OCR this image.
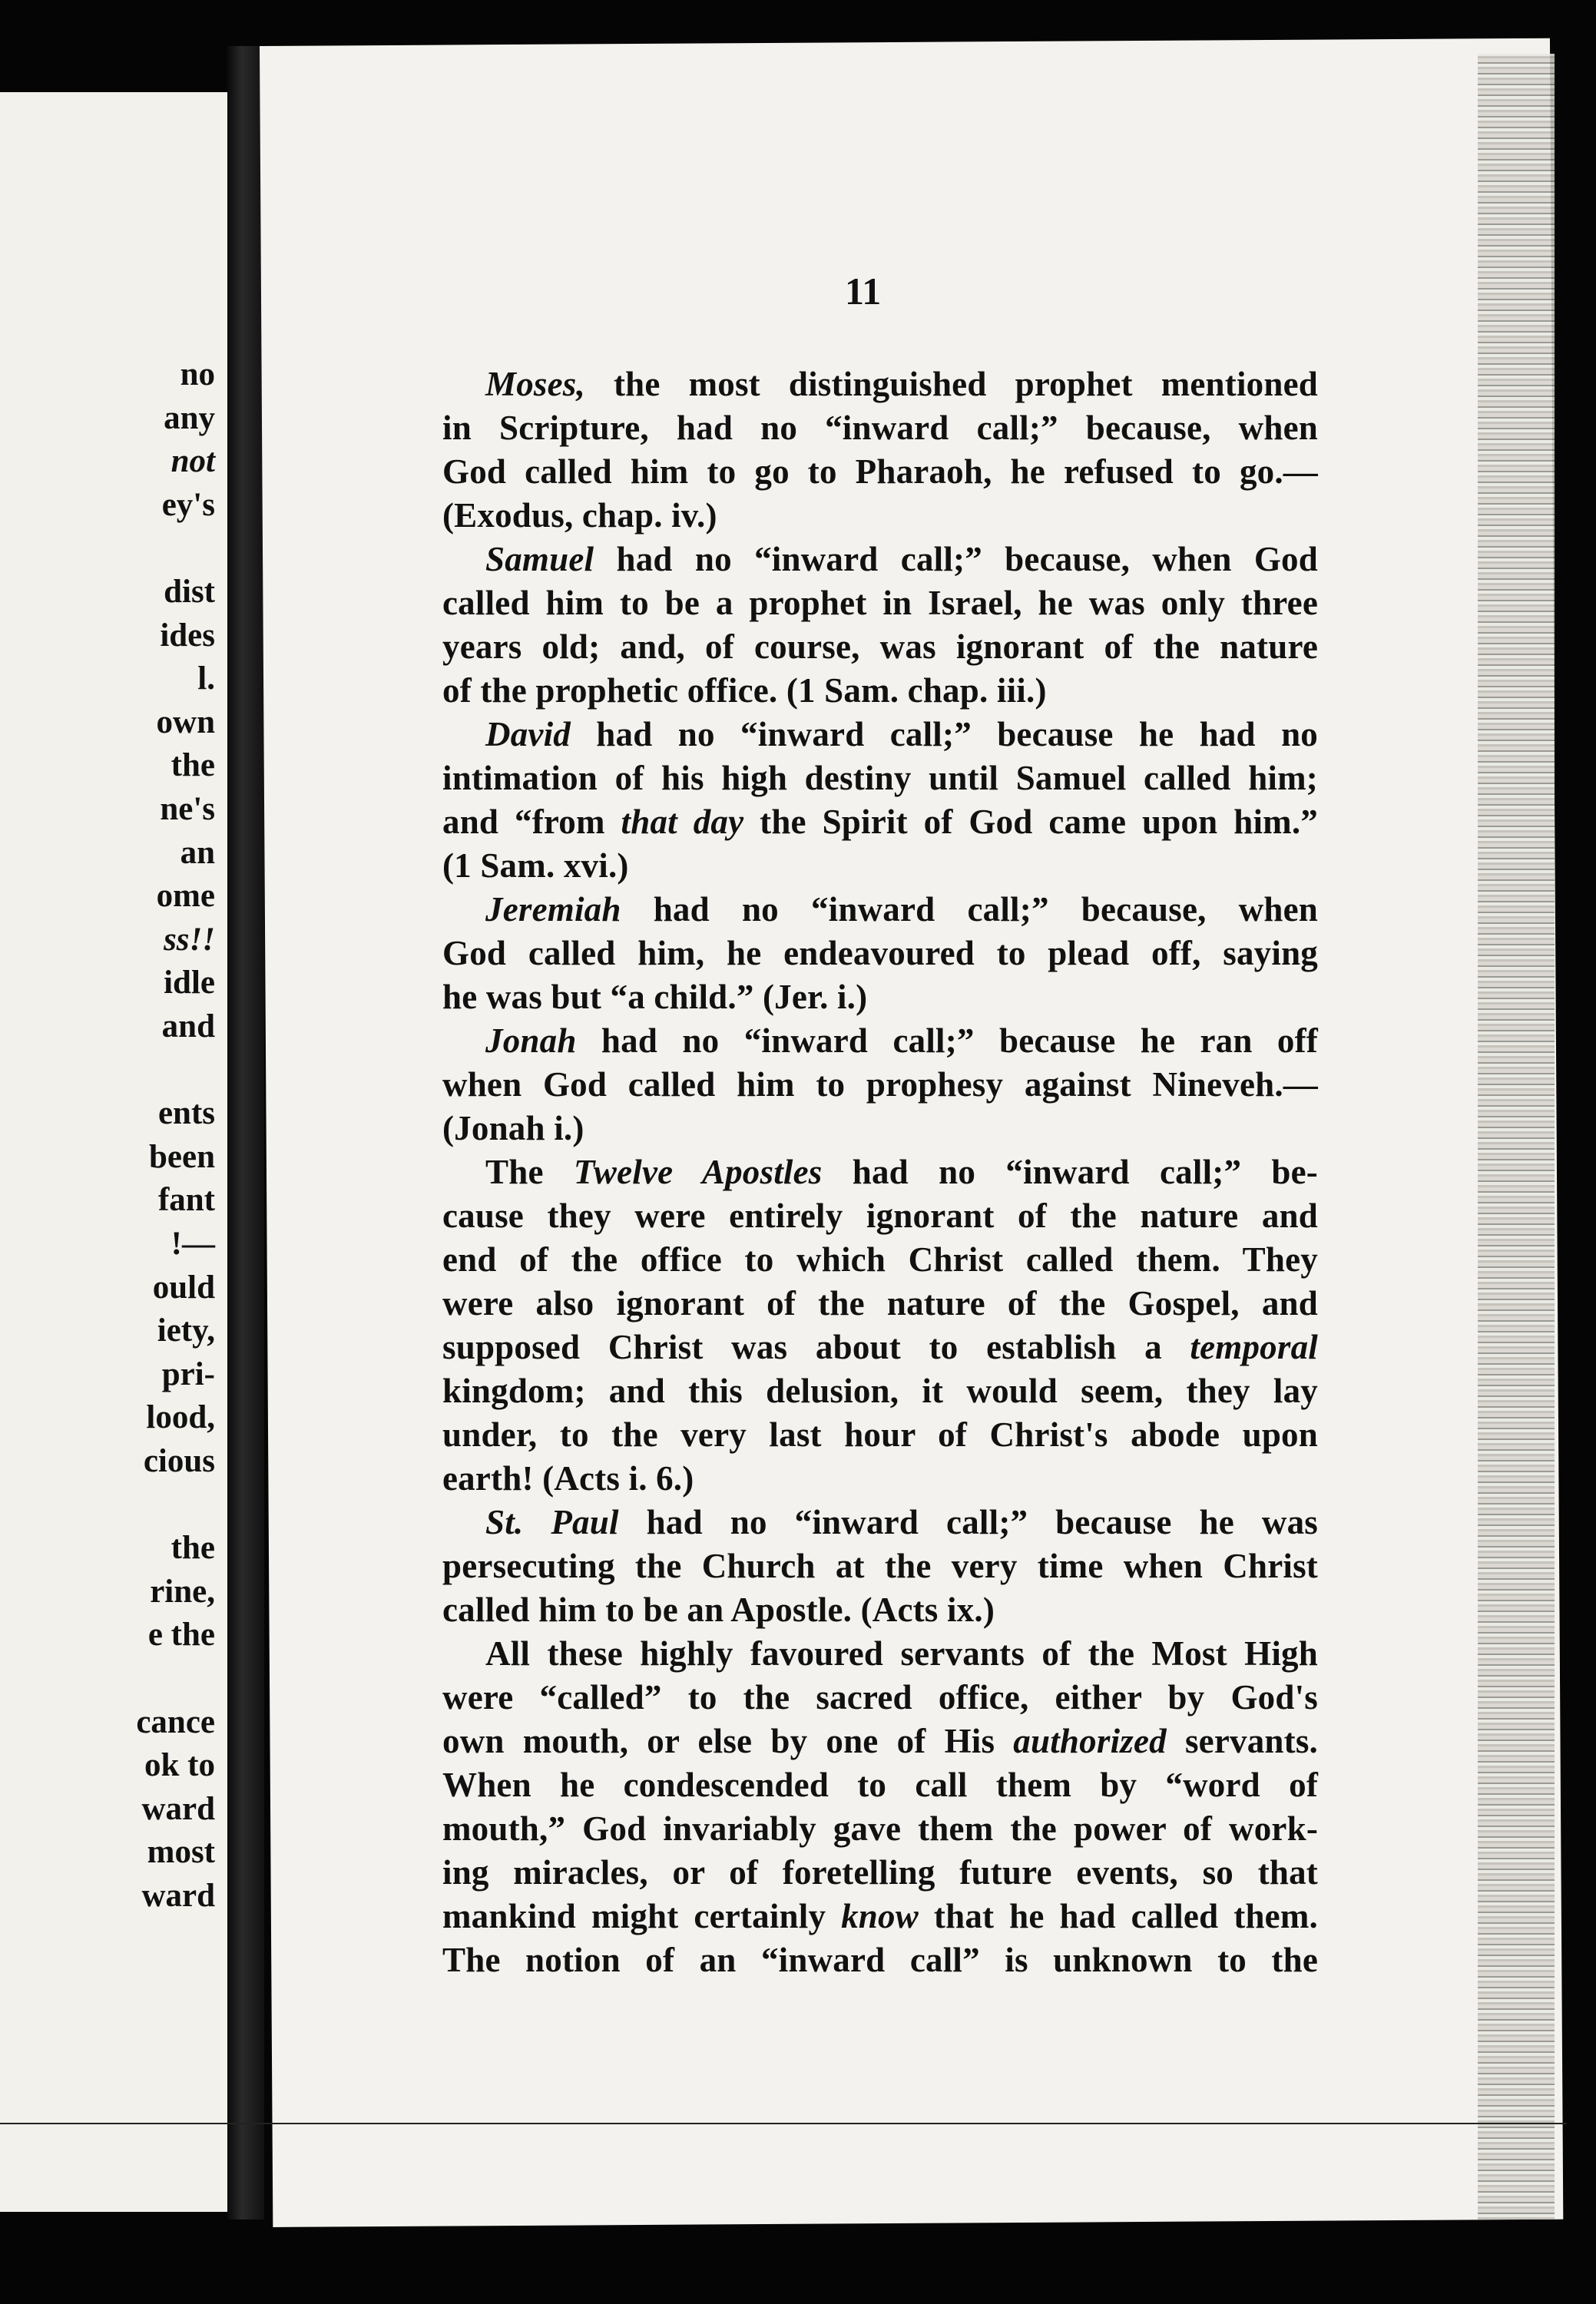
no
any
not
ey's
dist
ides
l.
own
the
ne's
an
ome
ss!!
idle
and
ents
been
fant
!—
ould
iety,
pri-
lood,
cious
the
rine,
e the
cance
ok to
ward
most
ward
11
Moses, the most distinguished prophet mentioned
in Scripture, had no “inward call;” because, when
God called him to go to Pharaoh, he refused to go.—
(Exodus, chap. iv.)
Samuel had no “inward call;” because, when God
called him to be a prophet in Israel, he was only three
years old; and, of course, was ignorant of the nature
of the prophetic office. (1 Sam. chap. iii.)
David had no “inward call;” because he had no
intimation of his high destiny until Samuel called him;
and “from that day the Spirit of God came upon him.”
(1 Sam. xvi.)
Jeremiah had no “inward call;” because, when
God called him, he endeavoured to plead off, saying
he was but “a child.” (Jer. i.)
Jonah had no “inward call;” because he ran off
when God called him to prophesy against Nineveh.—
(Jonah i.)
The Twelve Apostles had no “inward call;” be-
cause they were entirely ignorant of the nature and
end of the office to which Christ called them. They
were also ignorant of the nature of the Gospel, and
supposed Christ was about to establish a temporal
kingdom; and this delusion, it would seem, they lay
under, to the very last hour of Christ's abode upon
earth! (Acts i. 6.)
St. Paul had no “inward call;” because he was
persecuting the Church at the very time when Christ
called him to be an Apostle. (Acts ix.)
All these highly favoured servants of the Most High
were “called” to the sacred office, either by God's
own mouth, or else by one of His authorized servants.
When he condescended to call them by “word of
mouth,” God invariably gave them the power of work-
ing miracles, or of foretelling future events, so that
mankind might certainly know that he had called them.
The notion of an “inward call” is unknown to the
